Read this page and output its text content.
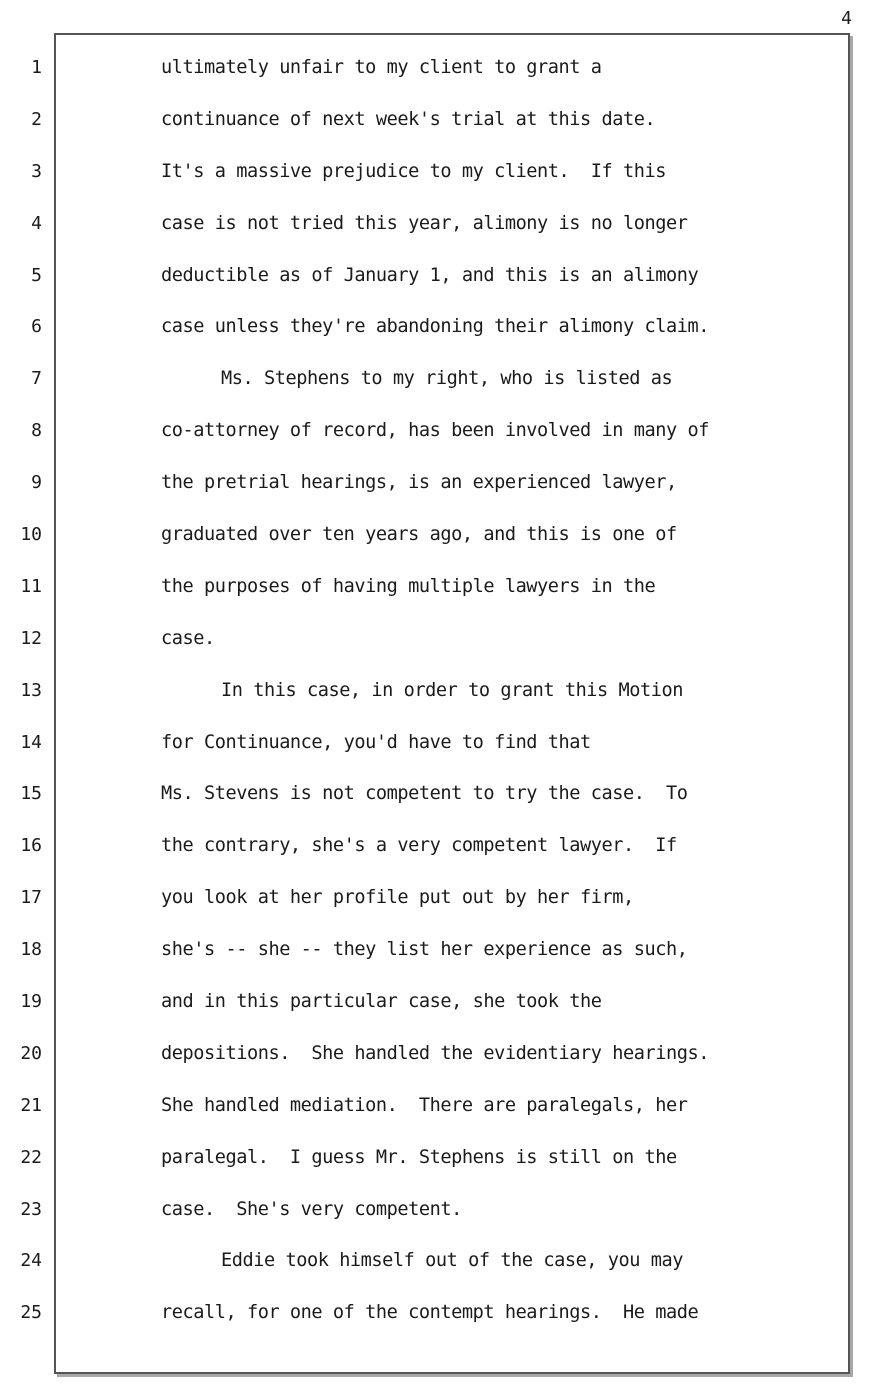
4
1	ultimately unfair to my client to grant a
2	continuance of next week's trial at this date.
3	It's a massive prejudice to my client.  If this
4	case is not tried this year, alimony is no longer
5	deductible as of January 1, and this is an alimony
6	case unless they're abandoning their alimony claim.
7	Ms. Stephens to my right, who is listed as
8	co-attorney of record, has been involved in many of
9	the pretrial hearings, is an experienced lawyer,
10	graduated over ten years ago, and this is one of
11	the purposes of having multiple lawyers in the
12	case.
13	In this case, in order to grant this Motion
14	for Continuance, you'd have to find that
15	Ms. Stevens is not competent to try the case.  To
16	the contrary, she's a very competent lawyer.  If
17	you look at her profile put out by her firm,
18	she's -- she -- they list her experience as such,
19	and in this particular case, she took the
20	depositions.  She handled the evidentiary hearings.
21	She handled mediation.  There are paralegals, her
22	paralegal.  I guess Mr. Stephens is still on the
23	case.  She's very competent.
24	Eddie took himself out of the case, you may
25	recall, for one of the contempt hearings.  He made
